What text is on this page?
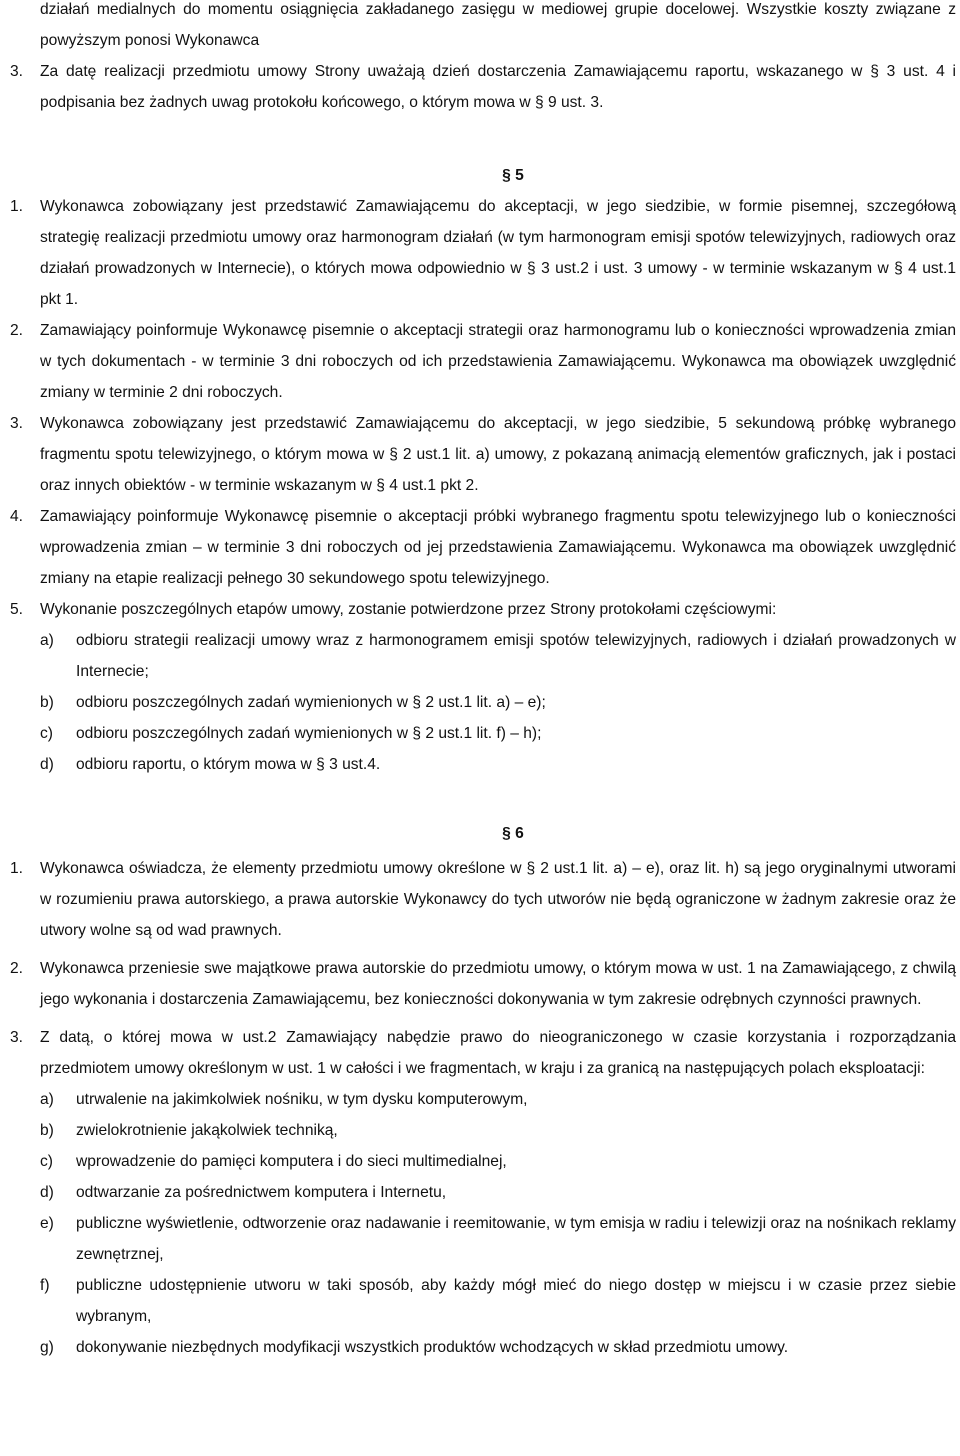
działań medialnych do momentu osiągnięcia zakładanego zasięgu w mediowej grupie docelowej. Wszystkie koszty związane z powyższym ponosi Wykonawca
3.	Za datę realizacji przedmiotu umowy Strony uważają dzień dostarczenia Zamawiającemu raportu, wskazanego w § 3 ust. 4 i podpisania bez żadnych uwag protokołu końcowego, o którym mowa w § 9 ust. 3.
§ 5
1.	Wykonawca zobowiązany jest przedstawić Zamawiającemu do akceptacji, w jego siedzibie, w formie pisemnej, szczegółową strategię realizacji przedmiotu umowy oraz harmonogram działań (w tym harmonogram emisji spotów telewizyjnych, radiowych oraz działań prowadzonych w Internecie), o których mowa odpowiednio w § 3 ust.2 i ust. 3 umowy - w terminie wskazanym w § 4 ust.1 pkt 1.
2.	Zamawiający poinformuje Wykonawcę pisemnie o akceptacji strategii oraz harmonogramu lub o konieczności wprowadzenia zmian w tych dokumentach - w terminie 3 dni roboczych od ich przedstawienia Zamawiającemu. Wykonawca ma obowiązek uwzględnić zmiany w terminie 2 dni roboczych.
3.	Wykonawca zobowiązany jest przedstawić Zamawiającemu do akceptacji, w jego siedzibie, 5 sekundową próbkę wybranego fragmentu spotu telewizyjnego, o którym mowa w § 2 ust.1 lit. a) umowy, z pokazaną animacją elementów graficznych, jak i postaci oraz innych obiektów - w terminie wskazanym w § 4 ust.1 pkt 2.
4.	Zamawiający poinformuje Wykonawcę pisemnie o akceptacji próbki wybranego fragmentu spotu telewizyjnego lub o konieczności wprowadzenia zmian – w terminie 3 dni roboczych od jej przedstawienia Zamawiającemu. Wykonawca ma obowiązek uwzględnić zmiany na etapie realizacji pełnego 30 sekundowego spotu telewizyjnego.
5.	Wykonanie poszczególnych etapów umowy, zostanie potwierdzone przez Strony protokołami częściowymi:
a)	odbioru strategii realizacji umowy wraz z harmonogramem emisji spotów telewizyjnych, radiowych i działań prowadzonych w Internecie;
b)	odbioru poszczególnych zadań wymienionych w § 2 ust.1 lit. a) – e);
c)	odbioru poszczególnych zadań wymienionych w § 2 ust.1 lit. f) – h);
d)	odbioru raportu, o którym mowa w § 3 ust.4.
§ 6
1.	Wykonawca oświadcza, że elementy przedmiotu umowy określone w § 2 ust.1 lit. a) – e), oraz lit. h) są jego oryginalnymi utworami w rozumieniu prawa autorskiego, a prawa autorskie Wykonawcy do tych utworów nie będą ograniczone w żadnym zakresie oraz że utwory wolne są od wad prawnych.
2.	Wykonawca przeniesie swe majątkowe prawa autorskie do przedmiotu umowy, o którym mowa w ust. 1 na Zamawiającego, z chwilą jego wykonania i dostarczenia Zamawiającemu, bez konieczności dokonywania w tym zakresie odrębnych czynności prawnych.
3.	Z datą, o której mowa w ust.2 Zamawiający nabędzie prawo do nieograniczonego w czasie korzystania i rozporządzania przedmiotem umowy określonym w ust. 1 w całości i we fragmentach, w kraju i za granicą na następujących polach eksploatacji:
a)	utrwalenie na jakimkolwiek nośniku, w tym dysku komputerowym,
b)	zwielokrotnienie jakąkolwiek techniką,
c)	wprowadzenie do pamięci komputera i do sieci multimedialnej,
d)	odtwarzanie za pośrednictwem komputera i Internetu,
e)	publiczne wyświetlenie, odtworzenie oraz nadawanie i reemitowanie, w tym emisja w radiu i telewizji oraz na nośnikach reklamy zewnętrznej,
f)	publiczne udostępnienie utworu w taki sposób, aby każdy mógł mieć do niego dostęp w miejscu i w czasie przez siebie wybranym,
g)	dokonywanie niezbędnych modyfikacji wszystkich produktów wchodzących w skład przedmiotu umowy.
